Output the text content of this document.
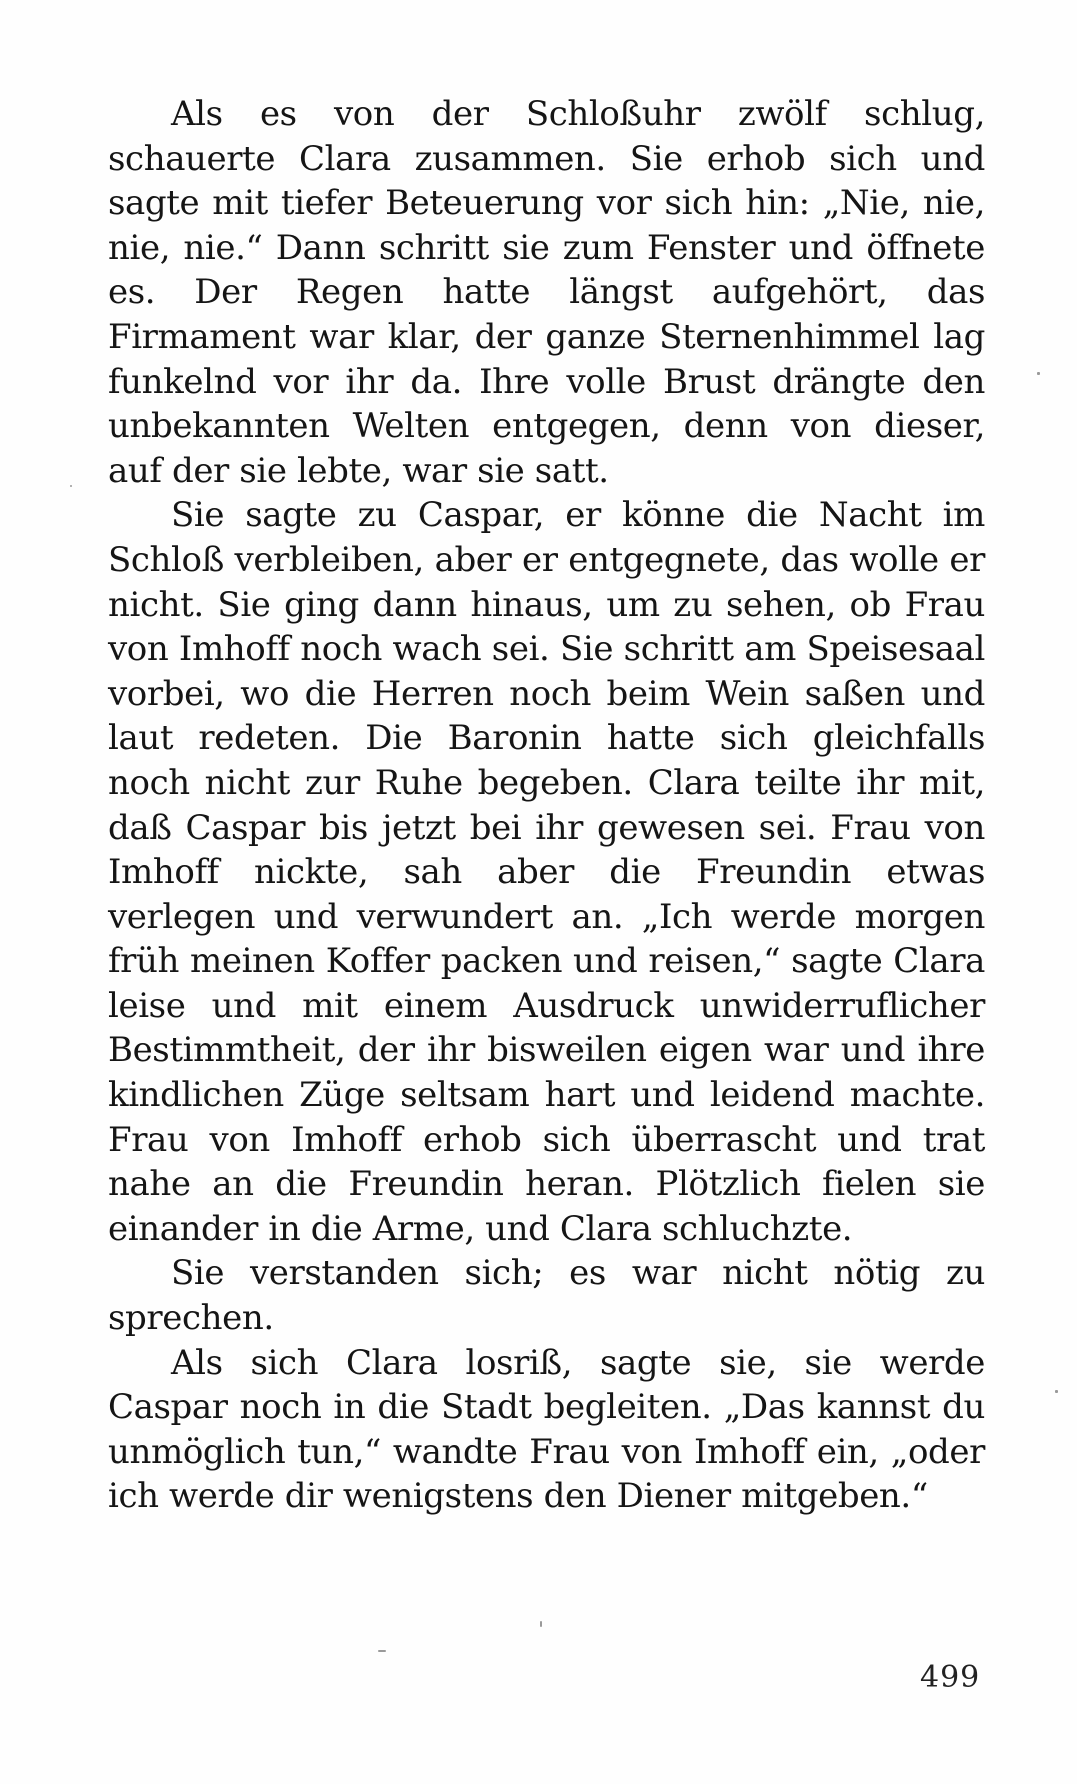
Als es von der Schloßuhr zwölf schlug, schauerte Clara zusammen. Sie erhob sich und sagte mit tiefer Beteuerung vor sich hin: „Nie, nie, nie, nie.“ Dann schritt sie zum Fenster und öffnete es. Der Regen hatte längst aufgehört, das Firmament war klar, der ganze Sternenhimmel lag funkelnd vor ihr da. Ihre volle Brust drängte den unbekannten Welten entgegen, denn von dieser, auf der sie lebte, war sie satt.

Sie sagte zu Caspar, er könne die Nacht im Schloß verbleiben, aber er entgegnete, das wolle er nicht. Sie ging dann hinaus, um zu sehen, ob Frau von Imhoff noch wach sei. Sie schritt am Speisesaal vorbei, wo die Herren noch beim Wein saßen und laut redeten. Die Baronin hatte sich gleichfalls noch nicht zur Ruhe begeben. Clara teilte ihr mit, daß Caspar bis jetzt bei ihr gewesen sei. Frau von Imhoff nickte, sah aber die Freundin etwas verlegen und verwundert an. „Ich werde morgen früh meinen Koffer packen und reisen,“ sagte Clara leise und mit einem Ausdruck unwiderruflicher Bestimmtheit, der ihr bisweilen eigen war und ihre kindlichen Züge seltsam hart und leidend machte. Frau von Imhoff erhob sich überrascht und trat nahe an die Freundin heran. Plötzlich fielen sie einander in die Arme, und Clara schluchzte.

Sie verstanden sich; es war nicht nötig zu sprechen.

Als sich Clara losriß, sagte sie, sie werde Caspar noch in die Stadt begleiten. „Das kannst du unmöglich tun,“ wandte Frau von Imhoff ein, „oder ich werde dir wenigstens den Diener mitgeben.“

499
